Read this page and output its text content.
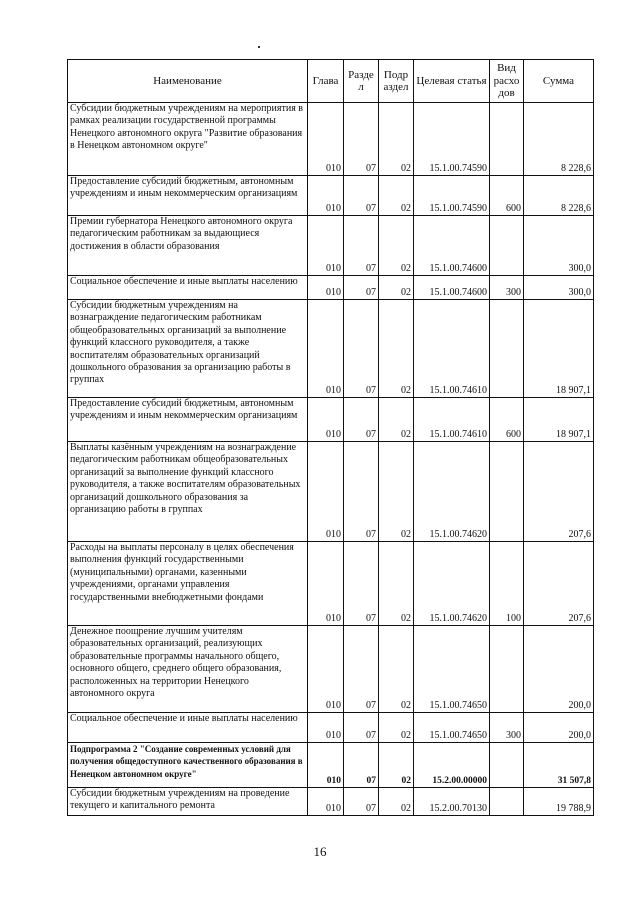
Наименование	Глава	Разде л	Подр аздел	Целевая статья	Вид расхо дов	Сумма
Субсидии бюджетным учреждениям на мероприятия в рамках реализации государственной программы Ненецкого автономного округа "Развитие образования в Ненецком автономном округе"	010	07	02	15.1.00.74590		8 228,6
Предоставление субсидий бюджетным, автономным учреждениям и иным некоммерческим организациям	010	07	02	15.1.00.74590	600	8 228,6
Премии губернатора Ненецкого автономного округа педагогическим работникам за выдающиеся достижения в области образования	010	07	02	15.1.00.74600		300,0
Социальное обеспечение и иные выплаты населению	010	07	02	15.1.00.74600	300	300,0
Субсидии бюджетным учреждениям на вознаграждение педагогическим работникам общеобразовательных организаций за выполнение функций классного руководителя, а также воспитателям образовательных организаций дошкольного образования за организацию работы в группах	010	07	02	15.1.00.74610		18 907,1
Предоставление субсидий бюджетным, автономным учреждениям и иным некоммерческим организациям	010	07	02	15.1.00.74610	600	18 907,1
Выплаты казённым учреждениям на вознаграждение педагогическим работникам общеобразовательных организаций за выполнение функций классного руководителя, а также воспитателям образовательных организаций дошкольного образования за организацию работы в группах	010	07	02	15.1.00.74620		207,6
Расходы на выплаты персоналу в целях обеспечения выполнения функций государственными (муниципальными) органами, казенными учреждениями, органами управления государственными внебюджетными фондами	010	07	02	15.1.00.74620	100	207,6
Денежное поощрение лучшим учителям образовательных организаций, реализующих образовательные программы начального общего, основного общего, среднего общего образования, расположенных на территории Ненецкого автономного округа	010	07	02	15.1.00.74650		200,0
Социальное обеспечение и иные выплаты населению	010	07	02	15.1.00.74650	300	200,0
Подпрограмма 2 "Создание современных условий для получения общедоступного качественного образования в Ненецком автономном округе"	010	07	02	15.2.00.00000		31 507,8
Субсидии бюджетным учреждениям на проведение текущего и капитального ремонта	010	07	02	15.2.00.70130		19 788,9
16
